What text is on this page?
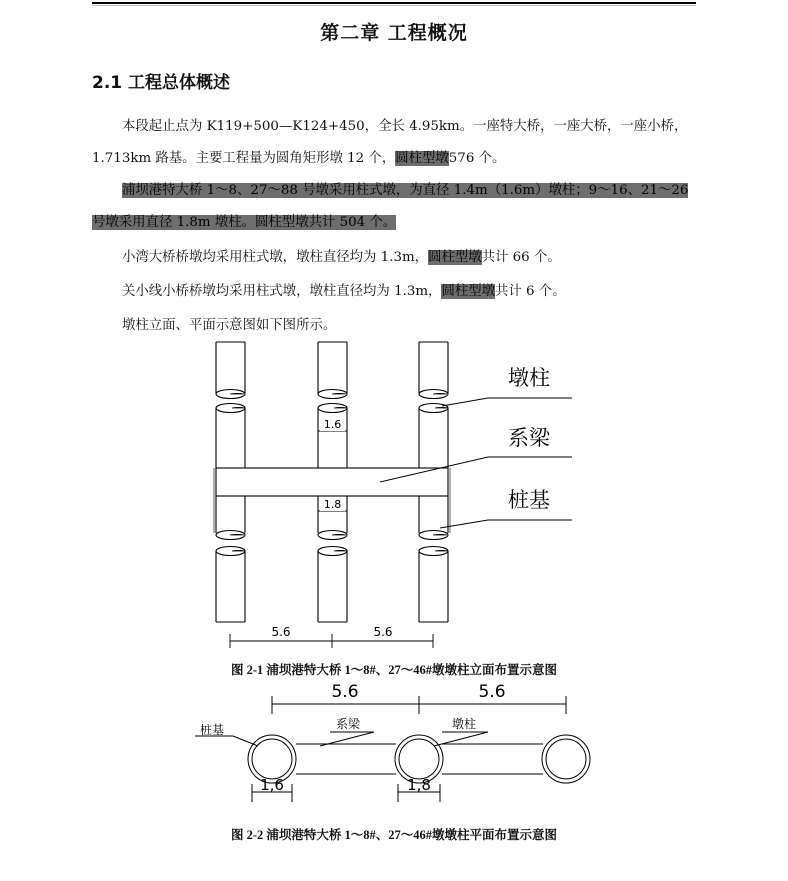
第二章 工程概况
2.1 工程总体概述

本段起止点为 K119+500—K124+450，全长 4.95km。一座特大桥，一座大桥，一座小桥，1.713km 路基。主要工程量为圆角矩形墩 12 个，圆柱型墩576 个。

浦坝港特大桥 1～8、27～88 号墩采用柱式墩，为直径 1.4m（1.6m）墩柱；9～16、21～26 号墩采用直径 1.8m 墩柱。圆柱型墩共计 504 个。

小湾大桥桥墩均采用柱式墩，墩柱直径均为 1.3m，圆柱型墩共计 66 个。

关小线小桥桥墩均采用柱式墩，墩柱直径均为 1.3m，圆柱型墩共计 6 个。

墩柱立面、平面示意图如下图所示。

1.6
1.8
墩柱
系梁
桩基
5.6	5.6
图 2-1 浦坝港特大桥 1～8#、27～46#墩墩柱立面布置示意图
5.6	5.6
桩基	系梁	墩柱
1,6	1,8
图 2-2 浦坝港特大桥 1～8#、27～46#墩墩柱平面布置示意图
